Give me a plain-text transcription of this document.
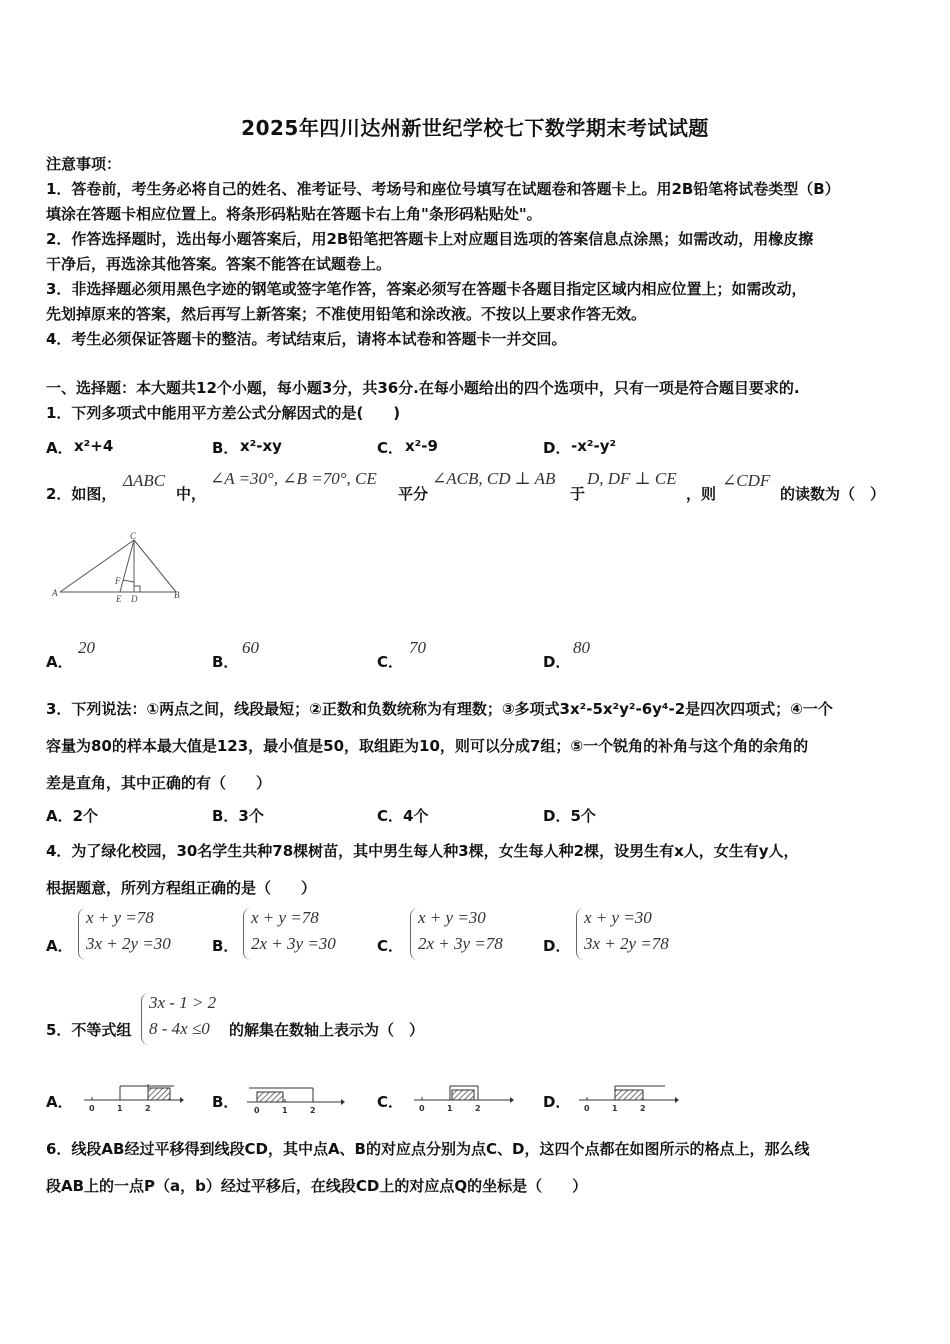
2025年四川达州新世纪学校七下数学期末考试试题
注意事项：
1．答卷前，考生务必将自己的姓名、准考证号、考场号和座位号填写在试题卷和答题卡上。用2B铅笔将试卷类型（B）
填涂在答题卡相应位置上。将条形码粘贴在答题卡右上角"条形码粘贴处"。
2．作答选择题时，选出每小题答案后，用2B铅笔把答题卡上对应题目选项的答案信息点涂黑；如需改动，用橡皮擦
干净后，再选涂其他答案。答案不能答在试题卷上。
3．非选择题必须用黑色字迹的钢笔或签字笔作答，答案必须写在答题卡各题目指定区域内相应位置上；如需改动，
先划掉原来的答案，然后再写上新答案；不准使用铅笔和涂改液。不按以上要求作答无效。
4．考生必须保证答题卡的整洁。考试结束后，请将本试卷和答题卡一并交回。
一、选择题：本大题共12个小题，每小题3分，共36分.在每小题给出的四个选项中，只有一项是符合题目要求的.
1．下列多项式中能用平方差公式分解因式的是(　　)
A． x²+4	B． x²-xy	C． x²-9	D． -x²-y²
2．如图，
ΔABC
中，
∠A =30°, ∠B =70°, CE
平分
∠ACB, CD ⊥ AB
于
D, DF ⊥ CE
，则
∠CDF
的读数为（　）
C
A	B
D
E
F
A．
20
B．
60
C．
70
D．
80
3．下列说法：①两点之间，线段最短；②正数和负数统称为有理数；③多项式3x²-5x²y²-6y⁴-2是四次四项式；④一个
容量为80的样本最大值是123，最小值是50，取组距为10，则可以分成7组；⑤一个锐角的补角与这个角的余角的
差是直角，其中正确的有（　　）
A．2个	B．3个	C．4个	D．5个
4．为了绿化校园，30名学生共种78棵树苗，其中男生每人种3棵，女生每人种2棵，设男生有x人，女生有y人，
根据题意，所列方程组正确的是（　　）
A．
x + y =78
3x + 2y =30	B．
x + y =78
2x + 3y =30	C．
x + y =30
2x + 3y =78	D．
x + y =30
3x + 2y =78
5．不等式组
3x - 1 > 2
8 - 4x ≤0 的解集在数轴上表示为（　）
A． 0	1	2	B． 0	1	2	C． 0	1	2	D． 0	1	2
6．线段AB经过平移得到线段CD，其中点A、B的对应点分别为点C、D，这四个点都在如图所示的格点上，那么线
段AB上的一点P（a，b）经过平移后，在线段CD上的对应点Q的坐标是（　　）
